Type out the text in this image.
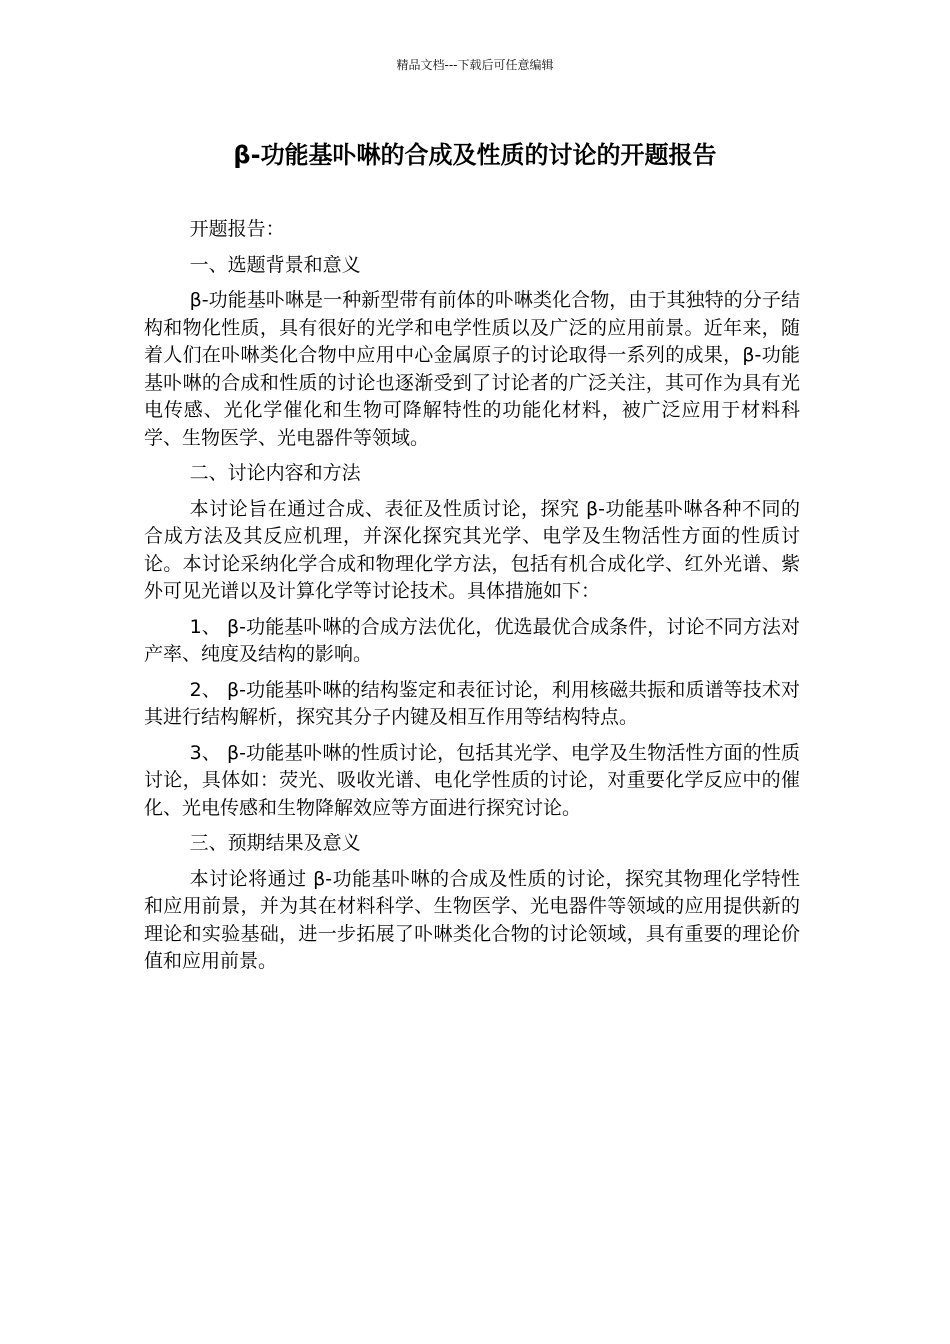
精品文档---下载后可任意编辑
β-功能基卟啉的合成及性质的讨论的开题报告

开题报告：

一、选题背景和意义

β-功能基卟啉是一种新型带有前体的卟啉类化合物，由于其独特的分子结构和物化性质，具有很好的光学和电学性质以及广泛的应用前景。近年来，随着人们在卟啉类化合物中应用中心金属原子的讨论取得一系列的成果，β-功能基卟啉的合成和性质的讨论也逐渐受到了讨论者的广泛关注，其可作为具有光电传感、光化学催化和生物可降解特性的功能化材料，被广泛应用于材料科学、生物医学、光电器件等领域。

二、讨论内容和方法

本讨论旨在通过合成、表征及性质讨论，探究 β-功能基卟啉各种不同的合成方法及其反应机理，并深化探究其光学、电学及生物活性方面的性质讨论。本讨论采纳化学合成和物理化学方法，包括有机合成化学、红外光谱、紫外可见光谱以及计算化学等讨论技术。具体措施如下：

1、 β-功能基卟啉的合成方法优化，优选最优合成条件，讨论不同方法对产率、纯度及结构的影响。

2、 β-功能基卟啉的结构鉴定和表征讨论，利用核磁共振和质谱等技术对其进行结构解析，探究其分子内键及相互作用等结构特点。

3、 β-功能基卟啉的性质讨论，包括其光学、电学及生物活性方面的性质讨论，具体如：荧光、吸收光谱、电化学性质的讨论，对重要化学反应中的催化、光电传感和生物降解效应等方面进行探究讨论。

三、预期结果及意义

本讨论将通过 β-功能基卟啉的合成及性质的讨论，探究其物理化学特性和应用前景，并为其在材料科学、生物医学、光电器件等领域的应用提供新的理论和实验基础，进一步拓展了卟啉类化合物的讨论领域，具有重要的理论价值和应用前景。
